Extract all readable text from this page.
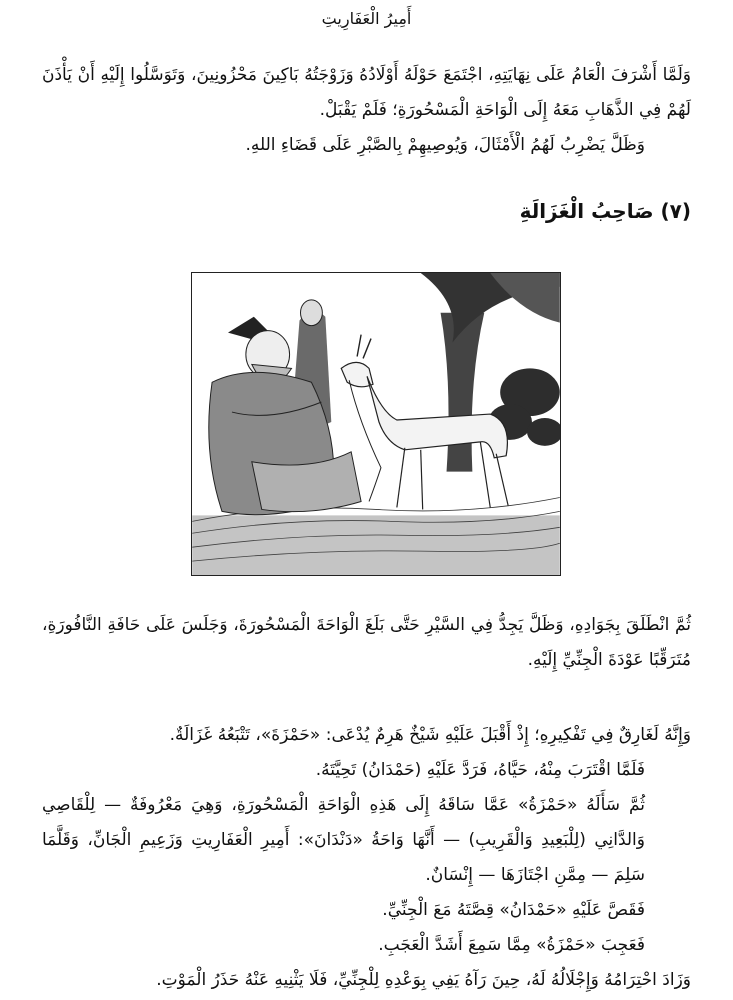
أَمِيرُ الْعَفَارِيتِ

وَلَمَّا أَشْرَفَ الْعَامُ عَلَى نِهَايَتِهِ، اجْتَمَعَ حَوْلَهُ أَوْلَادُهُ وَزَوْجَتُهُ بَاكِينَ مَحْزُونِينَ، وَتَوَسَّلُوا إِلَيْهِ أَنْ يَأْذَنَ لَهُمْ فِي الذَّهَابِ مَعَهُ إِلَى الْوَاحَةِ الْمَسْحُورَةِ؛ فَلَمْ يَقْبَلْ.

وَظَلَّ يَضْرِبُ لَهُمُ الْأَمْثَالَ، وَيُوصِيهِمْ بِالصَّبْرِ عَلَى قَضَاءِ اللهِ.

(٧) صَاحِبُ الْغَزَالَةِ

ثُمَّ انْطَلَقَ بِجَوَادِهِ، وَظَلَّ يَجِدُّ فِي السَّيْرِ حَتَّى بَلَغَ الْوَاحَةَ الْمَسْحُورَةَ، وَجَلَسَ عَلَى حَافَةِ النَّافُورَةِ، مُتَرَقِّبًا عَوْدَةَ الْجِنِّيِّ إِلَيْهِ.

وَإِنَّهُ لَغَارِقٌ فِي تَفْكِيرِهِ؛ إِذْ أَقْبَلَ عَلَيْهِ شَيْخٌ هَرِمٌ يُدْعَى: «حَمْزَةَ»، تَتْبَعُهُ غَزَالَةٌ.

فَلَمَّا اقْتَرَبَ مِنْهُ، حَيَّاهُ، فَرَدَّ عَلَيْهِ (حَمْدَانُ) تَحِيَّتَهُ.

ثُمَّ سَأَلَهُ «حَمْزَةُ» عَمَّا سَاقَهُ إِلَى هَذِهِ الْوَاحَةِ الْمَسْحُورَةِ، وَهِيَ مَعْرُوفَةٌ — لِلْقَاصِي وَالدَّانِي (لِلْبَعِيدِ وَالْقَرِيبِ) — أَنَّهَا وَاحَةُ «دَنْدَانَ»: أَمِيرِ الْعَفَارِيتِ وَزَعِيمِ الْجَانِّ، وَقَلَّمَا سَلِمَ — مِمَّنِ اجْتَازَهَا — إِنْسَانٌ.

فَقَصَّ عَلَيْهِ «حَمْدَانُ» قِصَّتَهُ مَعَ الْجِنِّيِّ.

فَعَجِبَ «حَمْزَةُ» مِمَّا سَمِعَ أَشَدَّ الْعَجَبِ.

وَزَادَ احْتِرَامُهُ وَإِجْلَالُهُ لَهُ، حِينَ رَآهُ يَفِي بِوَعْدِهِ لِلْجِنِّيِّ، فَلَا يَثْنِيهِ عَنْهُ حَذَرُ الْمَوْتِ.
